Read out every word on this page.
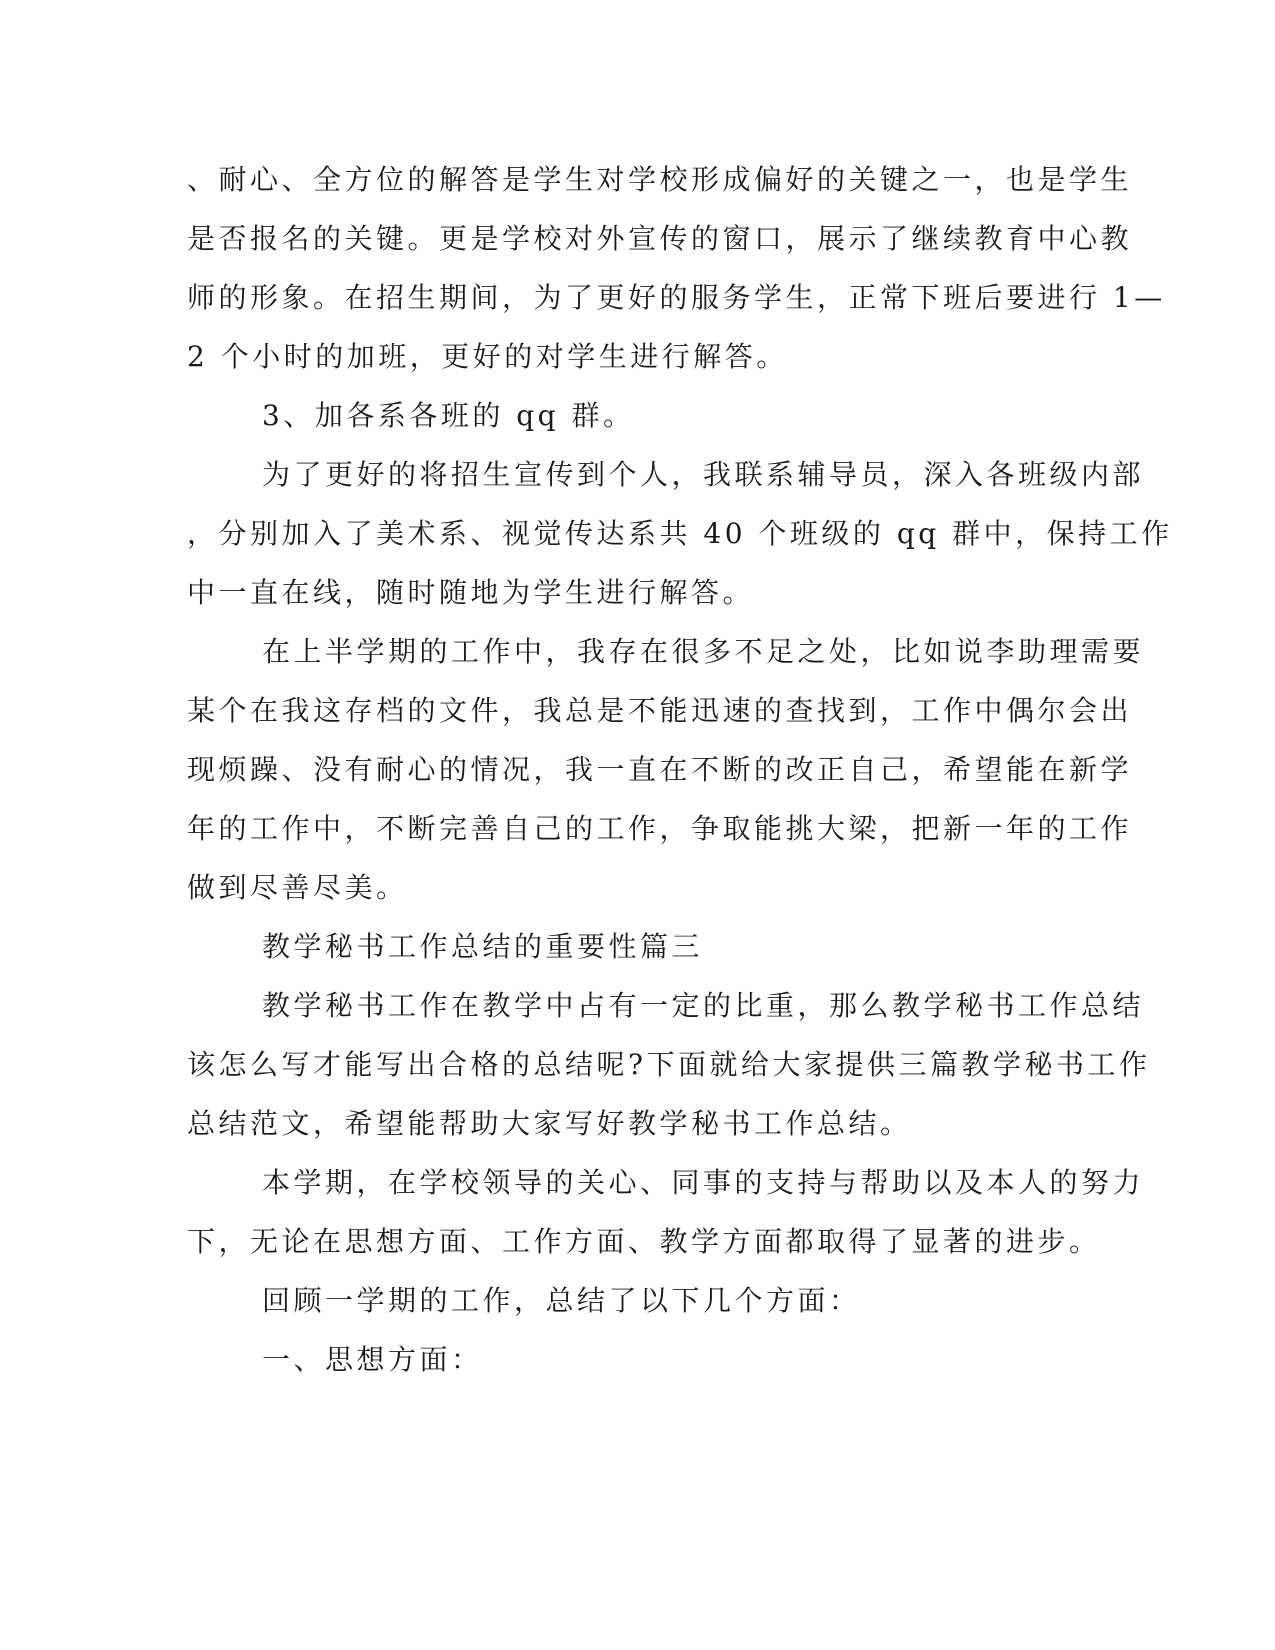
、耐心、全方位的解答是学生对学校形成偏好的关键之一，也是学生

是否报名的关键。更是学校对外宣传的窗口，展示了继续教育中心教

师的形象。在招生期间，为了更好的服务学生，正常下班后要进行 1—

2 个小时的加班，更好的对学生进行解答。

3、加各系各班的 qq 群。

为了更好的将招生宣传到个人，我联系辅导员，深入各班级内部

，分别加入了美术系、视觉传达系共 40 个班级的 qq 群中，保持工作

中一直在线，随时随地为学生进行解答。

在上半学期的工作中，我存在很多不足之处，比如说李助理需要

某个在我这存档的文件，我总是不能迅速的查找到，工作中偶尔会出

现烦躁、没有耐心的情况，我一直在不断的改正自己，希望能在新学

年的工作中，不断完善自己的工作，争取能挑大梁，把新一年的工作

做到尽善尽美。

教学秘书工作总结的重要性篇三

教学秘书工作在教学中占有一定的比重，那么教学秘书工作总结

该怎么写才能写出合格的总结呢?下面就给大家提供三篇教学秘书工作

总结范文，希望能帮助大家写好教学秘书工作总结。

本学期，在学校领导的关心、同事的支持与帮助以及本人的努力

下，无论在思想方面、工作方面、教学方面都取得了显著的进步。

回顾一学期的工作，总结了以下几个方面：

一、思想方面：
